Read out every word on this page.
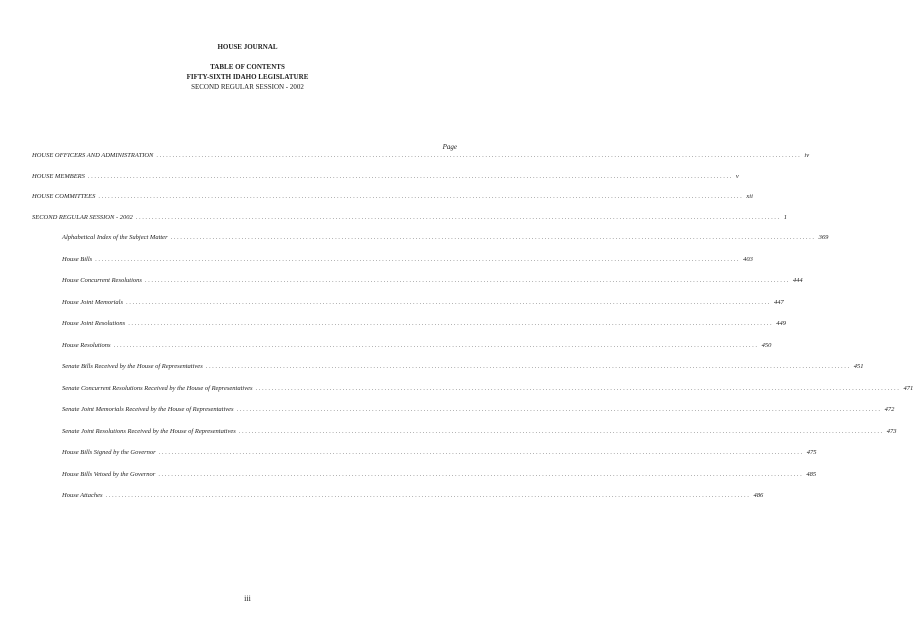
HOUSE JOURNAL
TABLE OF CONTENTS
FIFTY-SIXTH IDAHO LEGISLATURE
SECOND REGULAR SESSION - 2002
Page
HOUSE OFFICERS AND ADMINISTRATION ........................................................................................................................................................................................................ iv
HOUSE MEMBERS ........................................................................................................................................................................................................ v
HOUSE COMMITTEES ........................................................................................................................................................................................................ xii
SECOND REGULAR SESSION - 2002 ........................................................................................................................................................................................................ 1
Alphabetical Index of the Subject Matter ........................................................................................................................................................................................................ 369
House Bills ........................................................................................................................................................................................................ 403
House Concurrent Resolutions ........................................................................................................................................................................................................ 444
House Joint Memorials ........................................................................................................................................................................................................ 447
House Joint Resolutions ........................................................................................................................................................................................................ 449
House Resolutions ........................................................................................................................................................................................................ 450
Senate Bills Received by the House of Representatives ........................................................................................................................................................................................................ 451
Senate Concurrent Resolutions Received by the House of Representatives ........................................................................................................................................................................................................ 471
Senate Joint Memorials Received by the House of Representatives ........................................................................................................................................................................................................ 472
Senate Joint Resolutions Received by the House of Representatives ........................................................................................................................................................................................................ 473
House Bills Signed by the Governor ........................................................................................................................................................................................................ 475
House Bills Vetoed by the Governor ........................................................................................................................................................................................................ 485
House Attaches ........................................................................................................................................................................................................ 486
iii
